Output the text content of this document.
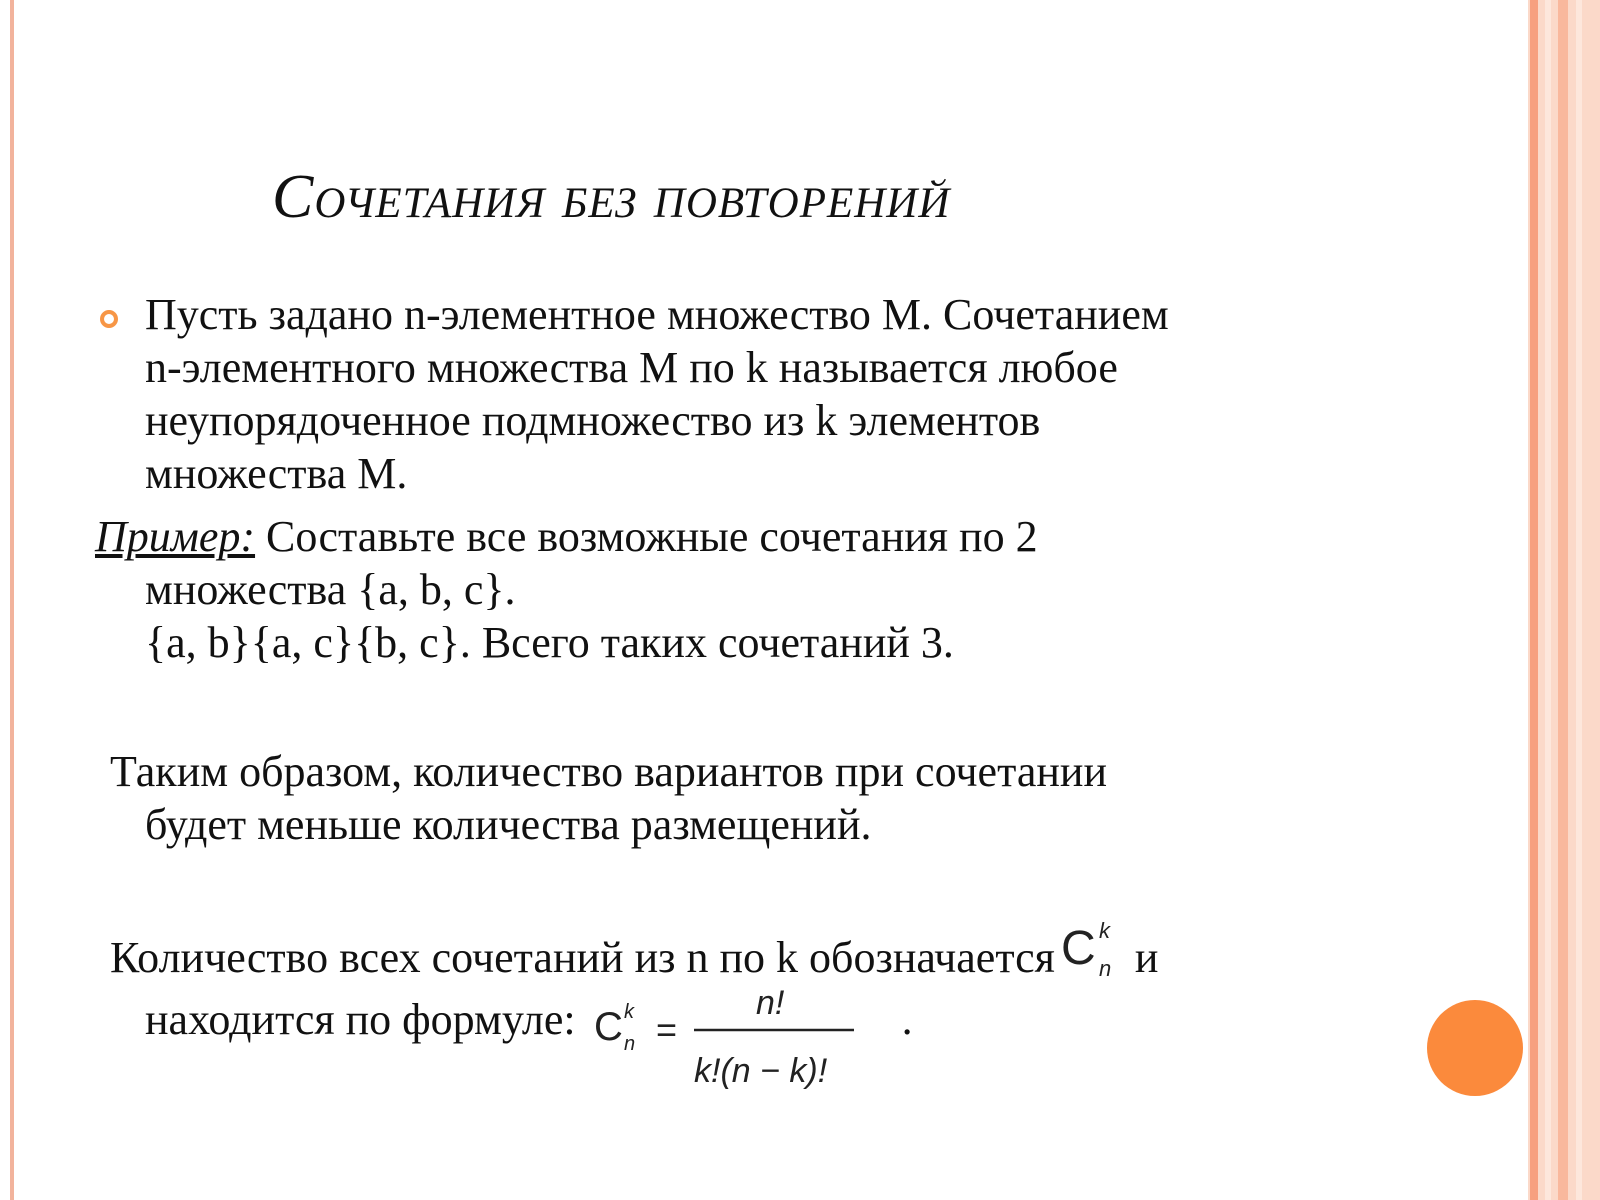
Сочетания без повторений
Пусть задано n-элементное множество М. Сочетанием
n-элементного множества М по k называется любое
неупорядоченное подмножество из k элементов
множества М.
Пример: Составьте все возможные сочетания по 2
множества {a, b, c}.
{a, b}{a, c}{b, c}. Всего таких сочетаний 3.
Таким образом, количество вариантов при сочетании
будет меньше количества размещений.
Количество всех сочетаний из n по k обозначается C k
n и
находится по формуле: C k
n =
n!
k!(n − k)!
.
